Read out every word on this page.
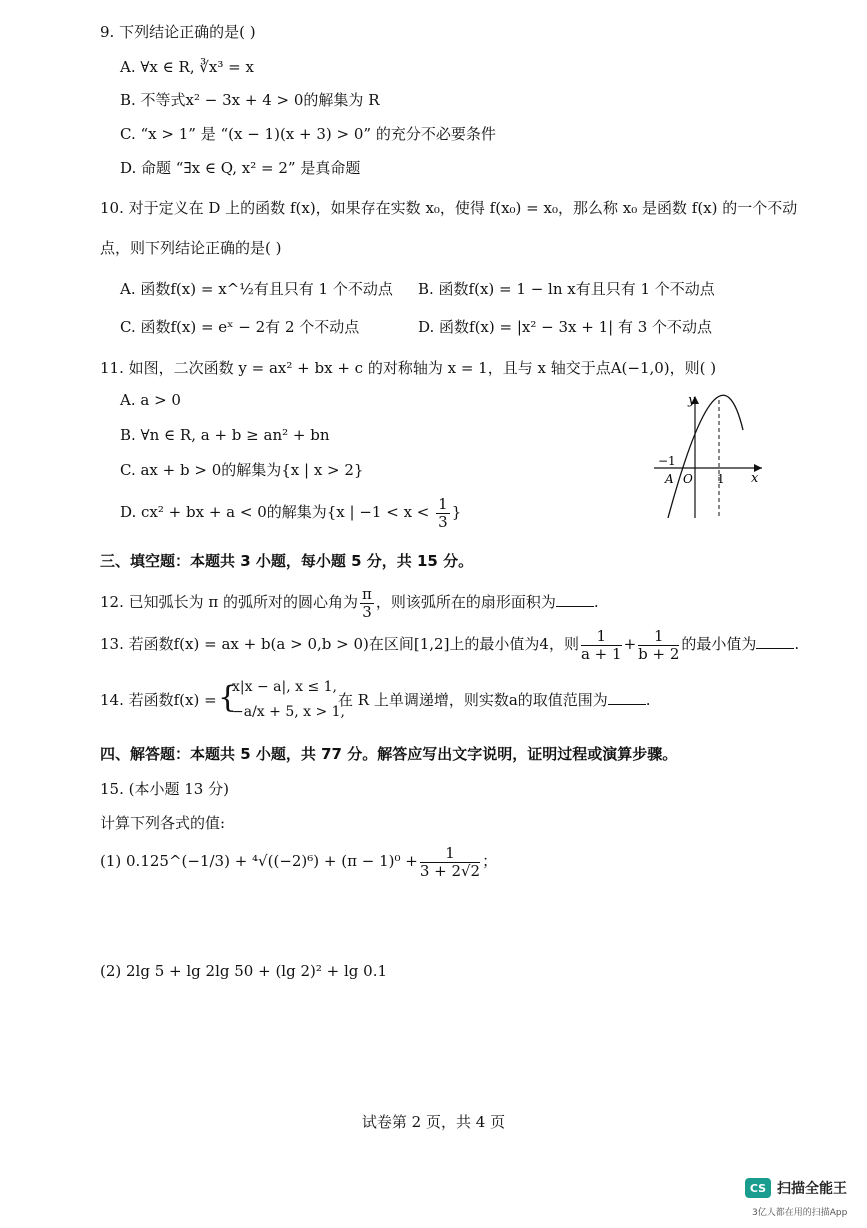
9. 下列结论正确的是( )
A. ∀x ∈ R, ∛x³ = x
B. 不等式x² − 3x + 4 > 0的解集为 R
C. “x > 1” 是 “(x − 1)(x + 3) > 0” 的充分不必要条件
D. 命题 “∃x ∈ Q, x² = 2” 是真命题
10. 对于定义在 D 上的函数 f(x)，如果存在实数 x₀，使得 f(x₀) = x₀，那么称 x₀ 是函数 f(x) 的一个不动
点，则下列结论正确的是( )
A. 函数f(x) = x^½有且只有 1 个不动点 B. 函数f(x) = 1 − ln x有且只有 1 个不动点
C. 函数f(x) = eˣ − 2有 2 个不动点	D. 函数f(x) = |x² − 3x + 1| 有 3 个不动点
11. 如图，二次函数 y = ax² + bx + c 的对称轴为 x = 1，且与 x 轴交于点A(−1,0)，则( )
A. a > 0
B. ∀n ∈ R, a + b ≥ an² + bn
C. ax + b > 0的解集为{x | x > 2}
D. cx² + bx + a < 0的解集为{x | $-1 < x < \frac{1}{3}$ }
y
x
−1
A O 1
三、填空题：本题共 3 小题，每小题 5 分，共 15 分。
12. 已知弧长为 π 的弧所对的圆心角为 $\frac{\pi}{3}$ ，则该弧所在的扇形面积为	.
13. 若函数f(x) = ax + b(a > 0,b > 0)在区间[1,2]上的最小值为4，则 $\frac{1}{a + 1} + \frac{1}{b + 2}$ 的最小值为	.
14. 若函数f(x) = {
x|x − a|, x ≤ 1,
−a/x + 5, x > 1,
在 R 上单调递增，则实数a的取值范围为	.
四、解答题：本题共 5 小题，共 77 分。解答应写出文字说明，证明过程或演算步骤。
15. (本小题 13 分)
计算下列各式的值:
(1) 0.125^(−1/3) + $^4√((-2)^6) + (\pi - 1)^0 + \frac{1}{3 + 2√2}$ ；
(2) 2lg 5 + lg 2lg 50 + (lg 2)² + lg 0.1
试卷第 2 页，共 4 页
CS 扫描全能王
3亿人都在用的扫描App
